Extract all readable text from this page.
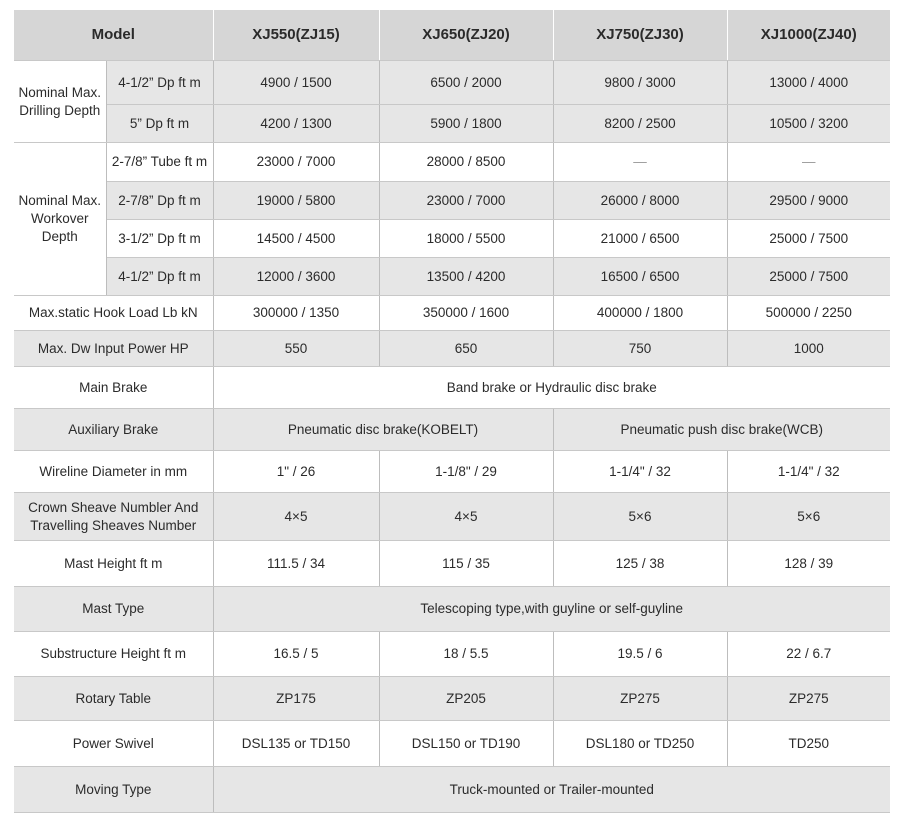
Model		XJ550(ZJ15)	XJ650(ZJ20)	XJ750(ZJ30)	XJ1000(ZJ40)
Nominal Max. Drilling Depth	4-1/2” Dp ft m	4900 / 1500	6500 / 2000	9800 / 3000	13000 / 4000
	5” Dp ft m	4200 / 1300	5900 / 1800	8200 / 2500	10500 / 3200
Nominal Max. Workover Depth	2-7/8” Tube ft m	23000 / 7000	28000 / 8500	—	—
	2-7/8” Dp ft m	19000 / 5800	23000 / 7000	26000 / 8000	29500 / 9000
	3-1/2” Dp ft m	14500 / 4500	18000 / 5500	21000 / 6500	25000 / 7500
	4-1/2” Dp ft m	12000 / 3600	13500 / 4200	16500 / 6500	25000 / 7500
Max.static Hook Load Lb kN		300000 / 1350	350000 / 1600	400000 / 1800	500000 / 2250
Max. Dw Input Power HP		550	650	750	1000
Main Brake		Band brake or Hydraulic disc brake			
Auxiliary Brake		Pneumatic disc brake(KOBELT)		Pneumatic push disc brake(WCB)	
Wireline Diameter in mm		1" / 26	1-1/8" / 29	1-1/4" / 32	1-1/4" / 32
Crown Sheave Numbler And Travelling Sheaves Number		4×5	4×5	5×6	5×6
Mast Height ft m		111.5 / 34	115 / 35	125 / 38	128 / 39
Mast Type		Telescoping type,with guyline or self-guyline			
Substructure Height ft m		16.5 / 5	18 / 5.5	19.5 / 6	22 / 6.7
Rotary Table		ZP175	ZP205	ZP275	ZP275
Power Swivel		DSL135 or TD150	DSL150 or TD190	DSL180 or TD250	TD250
Moving Type		Truck-mounted or Trailer-mounted			
